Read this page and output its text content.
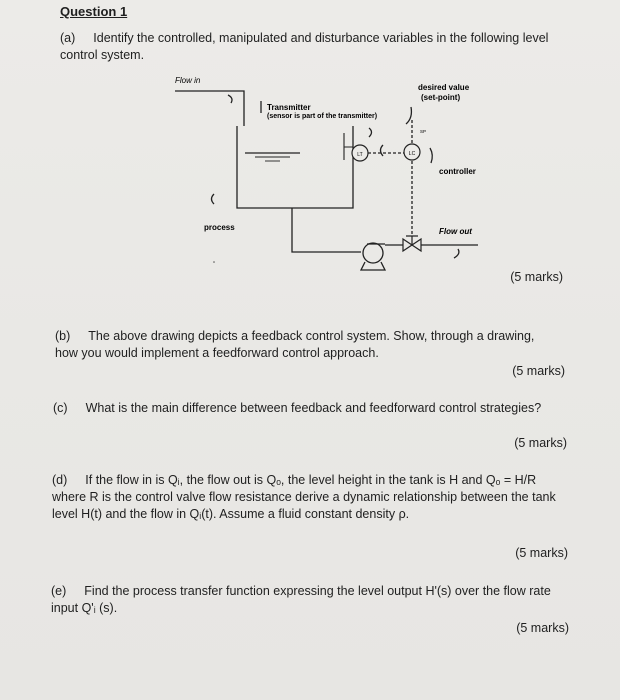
Question 1
(a) Identify the controlled, manipulated and disturbance variables in the following level control system.
LT	LC
SP
Flow in
desired value
(set-point)
Transmitter
(sensor is part of the transmitter)
controller
process	Flow out
(5 marks)
(b) The above drawing depicts a feedback control system. Show, through a drawing, how you would implement a feedforward control approach.
(5 marks)
(c) What is the main difference between feedback and feedforward control strategies?
(5 marks)
(d) If the flow in is Qᵢ, the flow out is Qₒ, the level height in the tank is H and Qₒ = H/R where R is the control valve flow resistance derive a dynamic relationship between the tank level H(t) and the flow in Qᵢ(t). Assume a fluid constant density ρ.
(5 marks)
(e) Find the process transfer function expressing the level output H'(s) over the flow rate input Q'ᵢ (s).
(5 marks)
